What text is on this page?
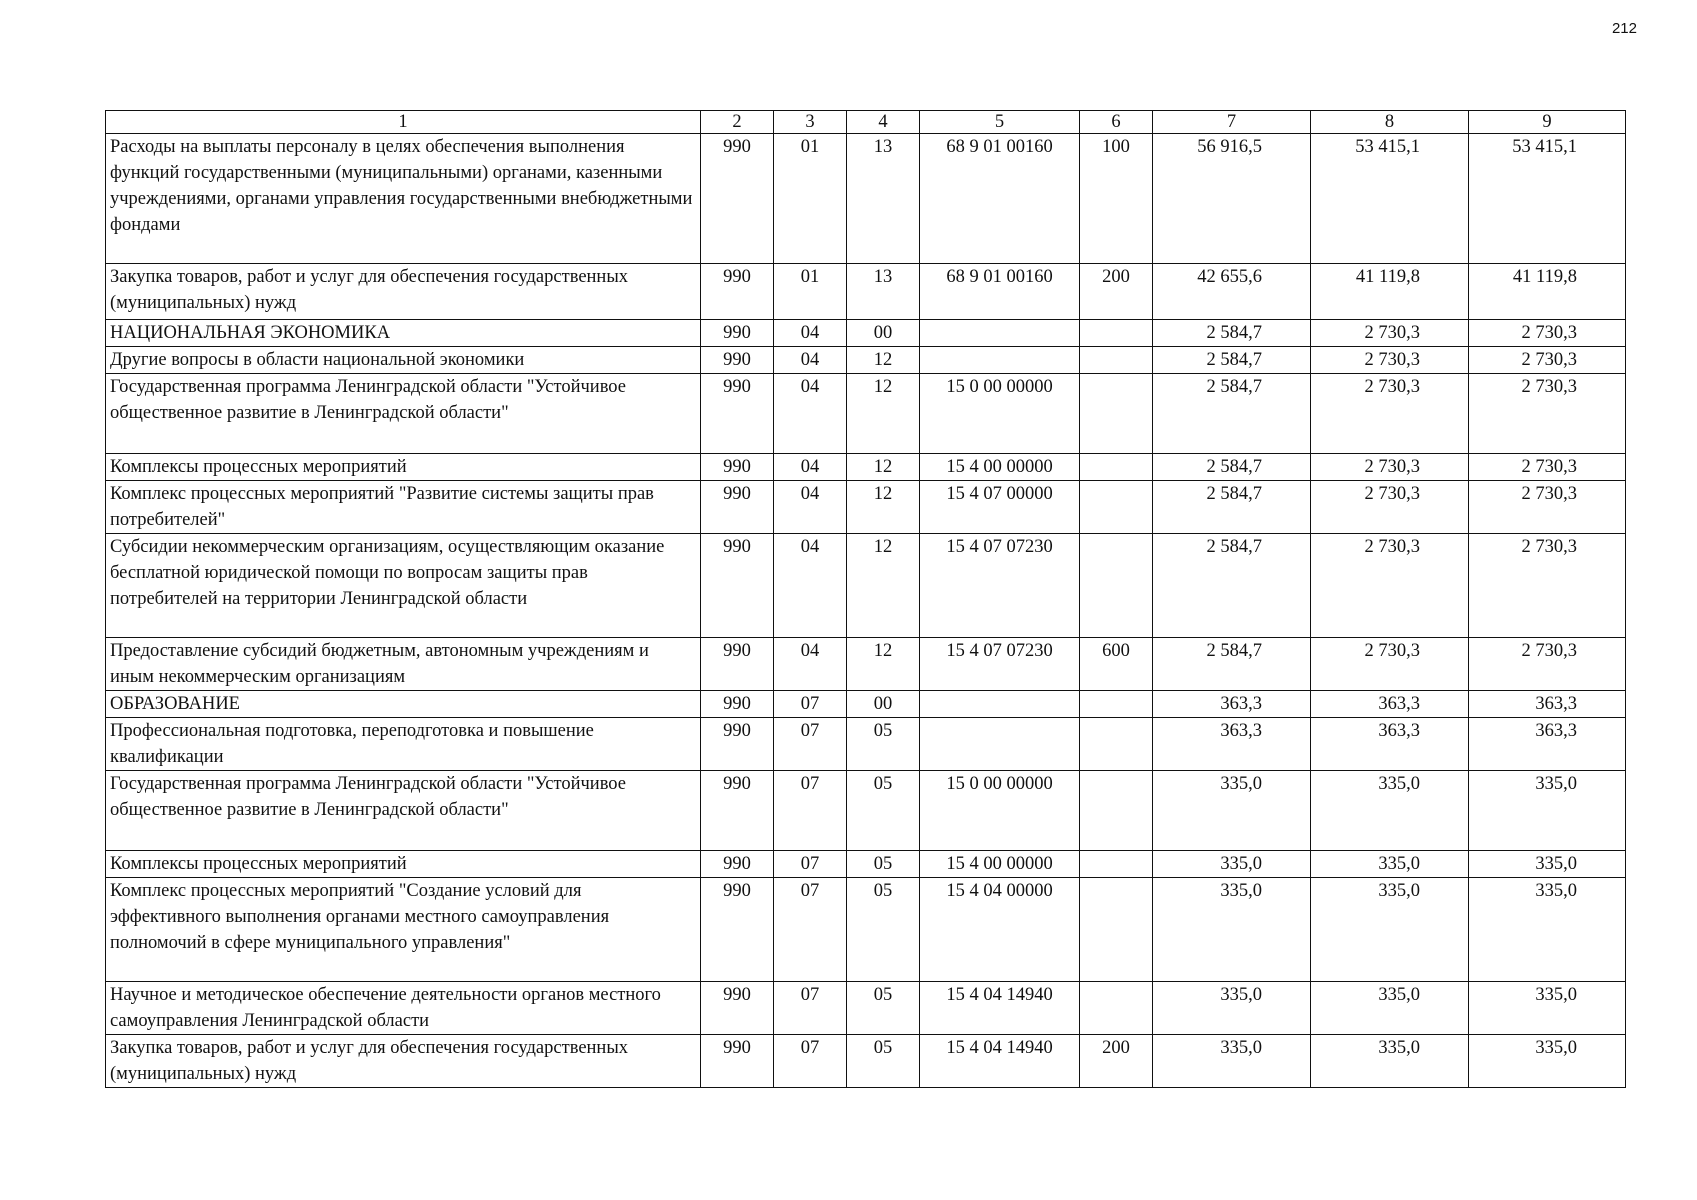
212
1	2	3	4	5	6	7	8	9
Расходы на выплаты персоналу в целях обеспечения выполнения функций государственными (муниципальными) органами, казенными учреждениями, органами управления государственными внебюджетными фондами	990	01	13	68 9 01 00160	100	56 916,5	53 415,1	53 415,1
Закупка товаров, работ и услуг для обеспечения государственных (муниципальных) нужд	990	01	13	68 9 01 00160	200	42 655,6	41 119,8	41 119,8
НАЦИОНАЛЬНАЯ ЭКОНОМИКА	990	04	00			2 584,7	2 730,3	2 730,3
Другие вопросы в области национальной экономики	990	04	12			2 584,7	2 730,3	2 730,3
Государственная программа Ленинградской области "Устойчивое общественное развитие в Ленинградской области"	990	04	12	15 0 00 00000		2 584,7	2 730,3	2 730,3
Комплексы процессных мероприятий	990	04	12	15 4 00 00000		2 584,7	2 730,3	2 730,3
Комплекс процессных мероприятий "Развитие системы защиты прав потребителей"	990	04	12	15 4 07 00000		2 584,7	2 730,3	2 730,3
Субсидии некоммерческим организациям, осуществляющим оказание бесплатной юридической помощи по вопросам защиты прав потребителей на территории Ленинградской области	990	04	12	15 4 07 07230		2 584,7	2 730,3	2 730,3
Предоставление субсидий бюджетным, автономным учреждениям и иным некоммерческим организациям	990	04	12	15 4 07 07230	600	2 584,7	2 730,3	2 730,3
ОБРАЗОВАНИЕ	990	07	00			363,3	363,3	363,3
Профессиональная подготовка, переподготовка и повышение квалификации	990	07	05			363,3	363,3	363,3
Государственная программа Ленинградской области "Устойчивое общественное развитие в Ленинградской области"	990	07	05	15 0 00 00000		335,0	335,0	335,0
Комплексы процессных мероприятий	990	07	05	15 4 00 00000		335,0	335,0	335,0
Комплекс процессных мероприятий "Создание условий для эффективного выполнения органами местного самоуправления полномочий в сфере муниципального управления"	990	07	05	15 4 04 00000		335,0	335,0	335,0
Научное и методическое обеспечение деятельности органов местного самоуправления Ленинградской области	990	07	05	15 4 04 14940		335,0	335,0	335,0
Закупка товаров, работ и услуг для обеспечения государственных (муниципальных) нужд	990	07	05	15 4 04 14940	200	335,0	335,0	335,0
